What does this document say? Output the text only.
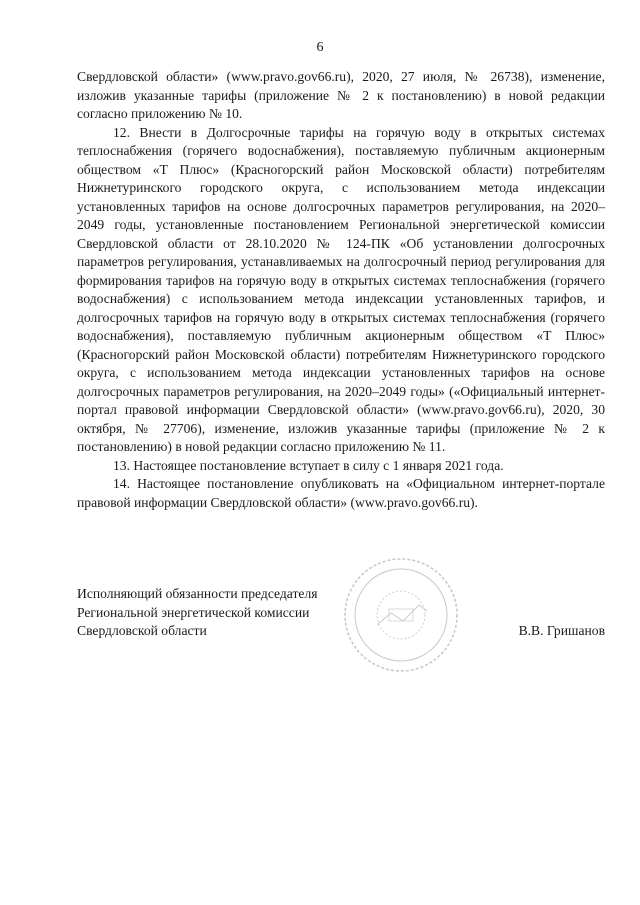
6

Свердловской области» (www.pravo.gov66.ru), 2020, 27 июля, № 26738), изменение, изложив указанные тарифы (приложение № 2 к постановлению) в новой редакции согласно приложению № 10.

12. Внести в Долгосрочные тарифы на горячую воду в открытых системах теплоснабжения (горячего водоснабжения), поставляемую публичным акционерным обществом «Т Плюс» (Красногорский район Московской области) потребителям Нижнетуринского городского округа, с использованием метода индексации установленных тарифов на основе долгосрочных параметров регулирования, на 2020–2049 годы, установленные постановлением Региональной энергетической комиссии Свердловской области от 28.10.2020 № 124-ПК «Об установлении долгосрочных параметров регулирования, устанавливаемых на долгосрочный период регулирования для формирования тарифов на горячую воду в открытых системах теплоснабжения (горячего водоснабжения) с использованием метода индексации установленных тарифов, и долгосрочных тарифов на горячую воду в открытых системах теплоснабжения (горячего водоснабжения), поставляемую публичным акционерным обществом «Т Плюс» (Красногорский район Московской области) потребителям Нижнетуринского городского округа, с использованием метода индексации установленных тарифов на основе долгосрочных параметров регулирования, на 2020–2049 годы» («Официальный интернет-портал правовой информации Свердловской области» (www.pravo.gov66.ru), 2020, 30 октября, № 27706), изменение, изложив указанные тарифы (приложение № 2 к постановлению) в новой редакции согласно приложению № 11.

13. Настоящее постановление вступает в силу с 1 января 2021 года.

14. Настоящее постановление опубликовать на «Официальном интернет-портале правовой информации Свердловской области» (www.pravo.gov66.ru).

Исполняющий обязанности председателя
Региональной энергетической комиссии
Свердловской области	В.В. Гришанов
